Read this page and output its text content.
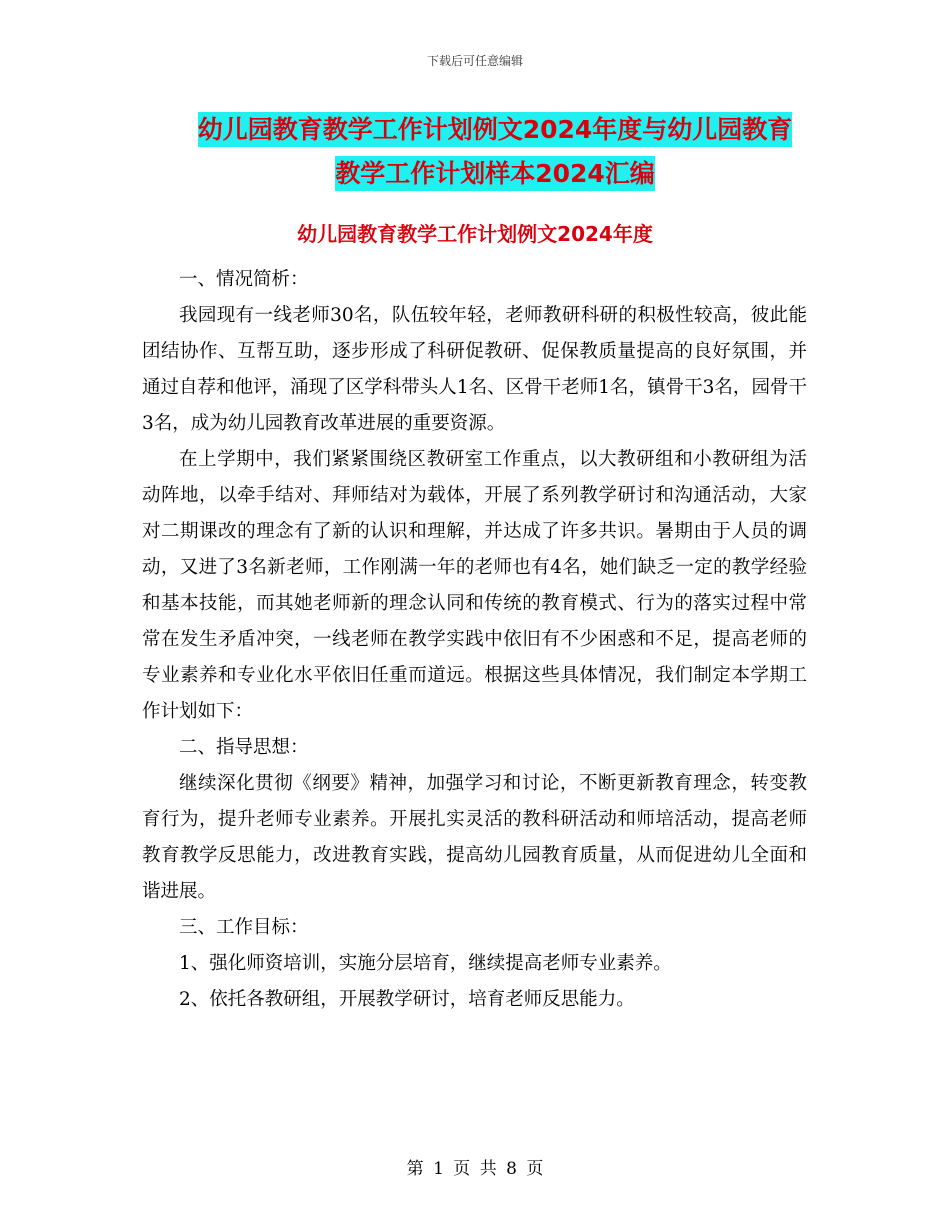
下载后可任意编辑
幼儿园教育教学工作计划例文2024年度与幼儿园教育
教学工作计划样本2024汇编
幼儿园教育教学工作计划例文2024年度

一、情况简析：

我园现有一线老师30名，队伍较年轻，老师教研科研的积极性较高，彼此能团结协作、互帮互助，逐步形成了科研促教研、促保教质量提高的良好氛围，并通过自荐和他评，涌现了区学科带头人1名、区骨干老师1名，镇骨干3名，园骨干3名，成为幼儿园教育改革进展的重要资源。

在上学期中，我们紧紧围绕区教研室工作重点，以大教研组和小教研组为活动阵地，以牵手结对、拜师结对为载体，开展了系列教学研讨和沟通活动，大家对二期课改的理念有了新的认识和理解，并达成了许多共识。暑期由于人员的调动，又进了3名新老师，工作刚满一年的老师也有4名，她们缺乏一定的教学经验和基本技能，而其她老师新的理念认同和传统的教育模式、行为的落实过程中常常在发生矛盾冲突，一线老师在教学实践中依旧有不少困惑和不足，提高老师的专业素养和专业化水平依旧任重而道远。根据这些具体情况，我们制定本学期工作计划如下：

二、指导思想：

继续深化贯彻《纲要》精神，加强学习和讨论，不断更新教育理念，转变教育行为，提升老师专业素养。开展扎实灵活的教科研活动和师培活动，提高老师教育教学反思能力，改进教育实践，提高幼儿园教育质量，从而促进幼儿全面和谐进展。

三、工作目标：

1、强化师资培训，实施分层培育，继续提高老师专业素养。

2、依托各教研组，开展教学研讨，培育老师反思能力。

第 1 页 共 8 页
